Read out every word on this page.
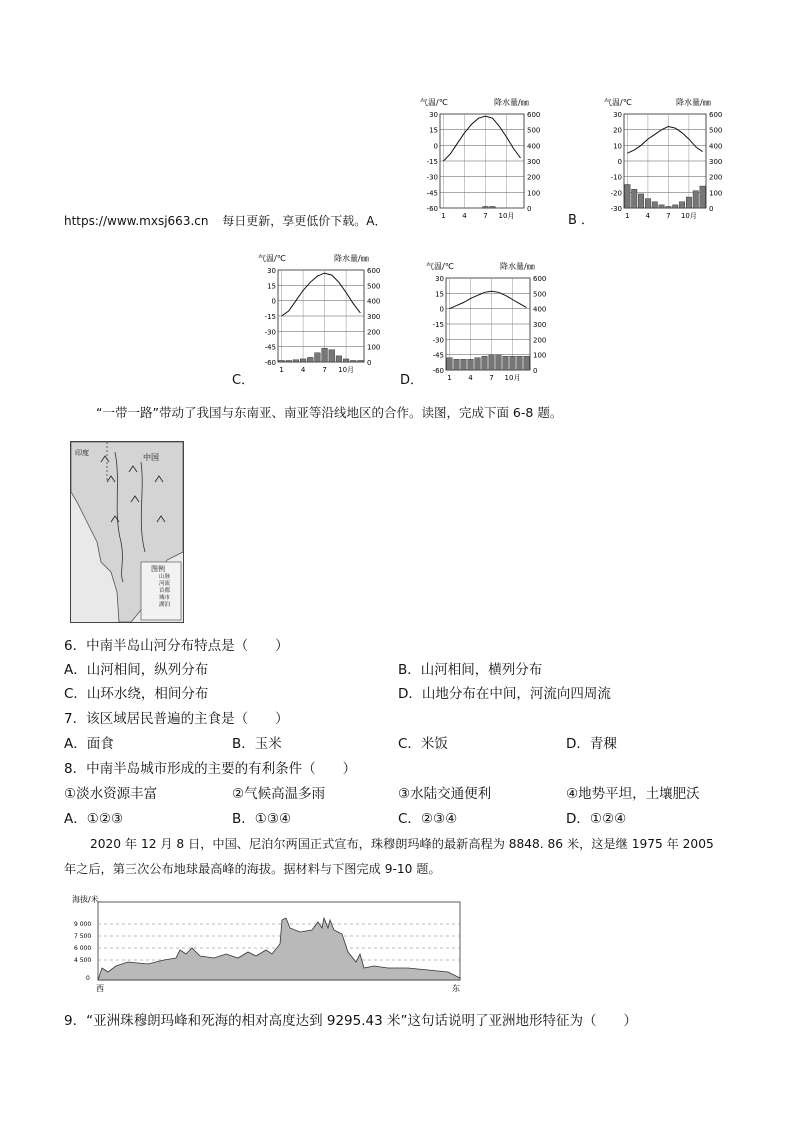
https://www.mxsj663.cn 每日更新，享更低价下载。A．	B ．
气温/℃	降水量/㎜
30	600
15	500
0	400
-15	300
-30	200
-45	100
-60	0
1 4 7 10月
气温/℃	降水量/㎜
30	600
20	500
10	400
0	300
-10	200
-20	100
-30	0
1 4 7 10月
气温/℃	降水量/㎜
30	600
15	500
0	400
-15	300
-30	200
-45	100
-60	0
1 4 7 10月
气温/℃	降水量/㎜
30	600
15	500
0	400
-15	300
-30	200
-45	100
-60	0
1 4 7 10月
C．	D．
“一带一路”带动了我国与东南亚、南亚等沿线地区的合作。读图，完成下面 6-8 题。
印度	中国
图例
山脉
河流
首都
城市
湖泊
6．中南半岛山河分布特点是（　　）
A．山河相间，纵列分布	B．山河相间，横列分布
C．山环水绕，相间分布	D．山地分布在中间，河流向四周流
7．该区域居民普遍的主食是（　　）
A．面食	B．玉米	C．米饭	D．青稞
8．中南半岛城市形成的主要的有利条件（　　）
①淡水资源丰富	②气候高温多雨	③水陆交通便利	④地势平坦，土壤肥沃
A．①②③	B．①③④	C．②③④	D．①②④
2020 年 12 月 8 日，中国、尼泊尔两国正式宣布，珠穆朗玛峰的最新高程为 8848. 86 米，这是继 1975 年 2005
年之后，第三次公布地球最高峰的海拔。据材料与下图完成 9-10 题。
海拔/米
9 000
7 500
6 000
4 500
0
西	东
9．“亚洲珠穆朗玛峰和死海的相对高度达到 9295.43 米”这句话说明了亚洲地形特征为（　　）
